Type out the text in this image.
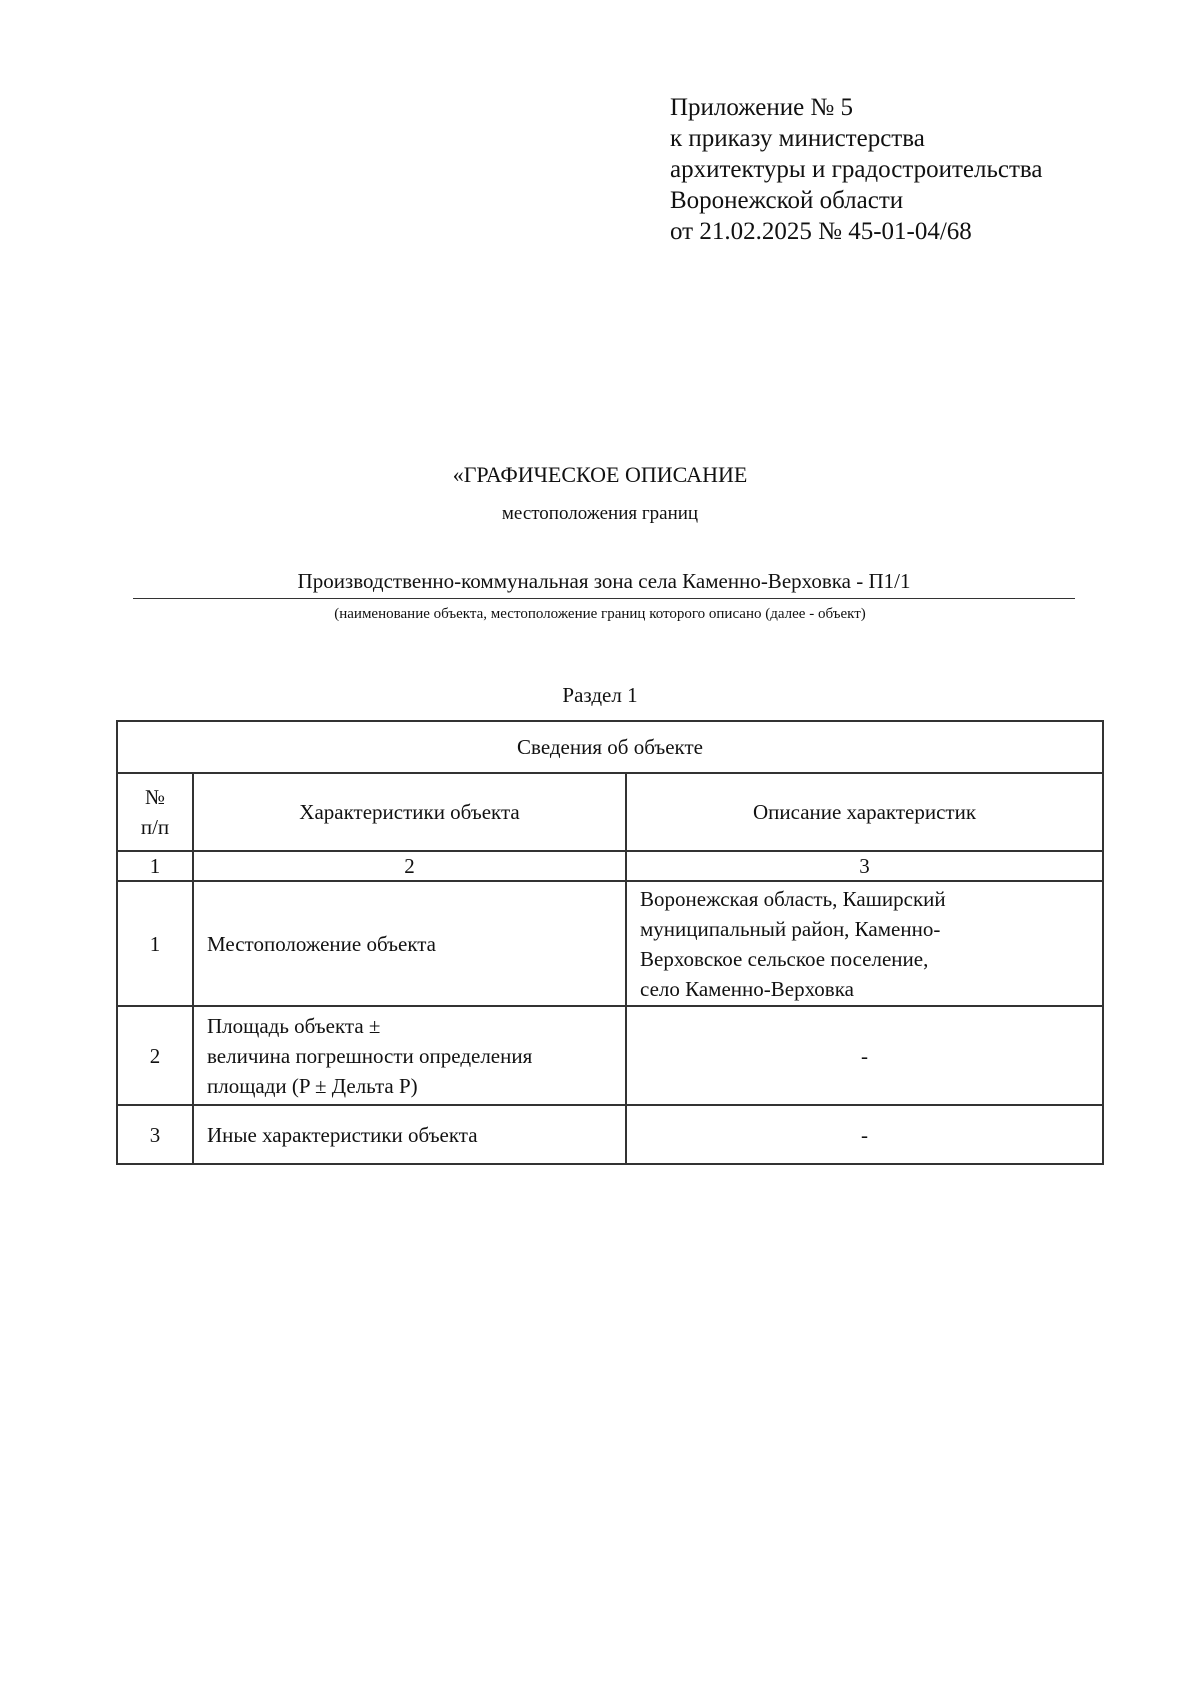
Приложение № 5
к приказу министерства
архитектуры и градостроительства
Воронежской области
от 21.02.2025 № 45-01-04/68
«ГРАФИЧЕСКОЕ ОПИСАНИЕ
местоположения границ
Производственно-коммунальная зона села Каменно-Верховка - П1/1
(наименование объекта, местоположение границ которого описано (далее - объект)
Раздел 1
Сведения об объекте		

№
п/п	Характеристики объекта	Описание характеристик
1	2	3
1	Местоположение объекта	Воронежская область, Каширский
муниципальный район, Каменно-
Верховское сельское поселение,
село Каменно-Верховка

2	Площадь объекта ±
величина погрешности определения
площади (P ± Дельта P)	-

3	Иные характеристики объекта	-
